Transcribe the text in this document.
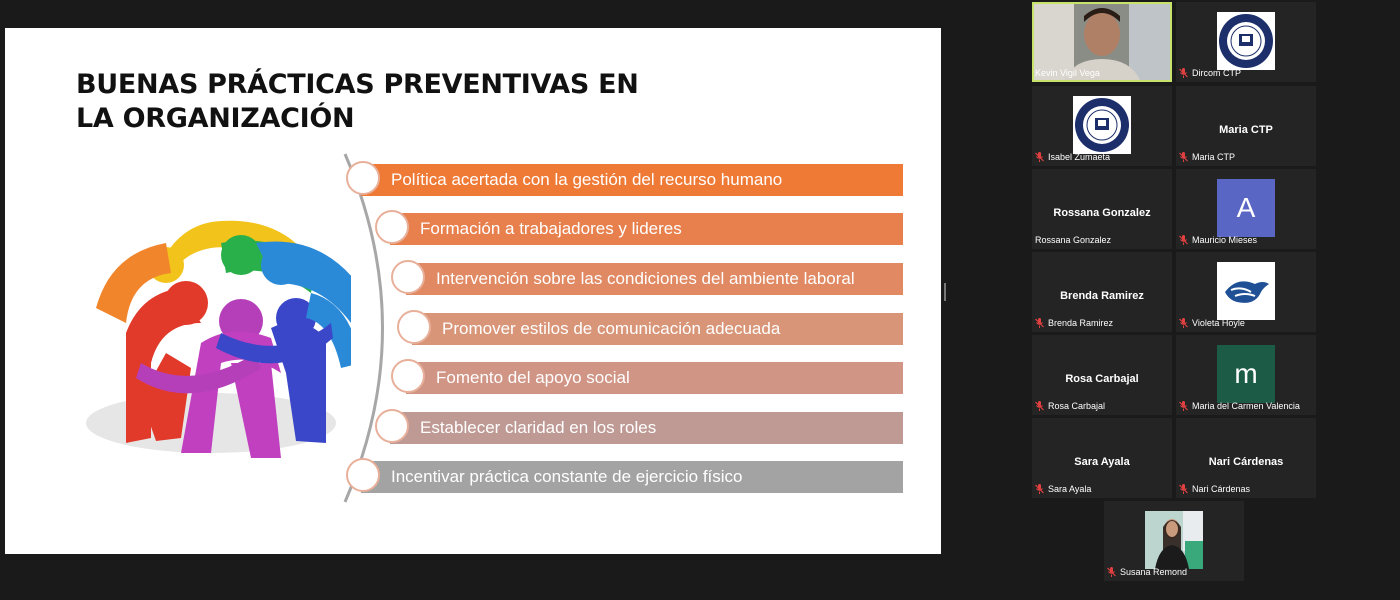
BUENAS PRÁCTICAS PREVENTIVAS EN LA ORGANIZACIÓN
Política acertada con la gestión del recurso humano
Formación a trabajadores y lideres
Intervención sobre las condiciones del ambiente laboral
Promover estilos de comunicación adecuada
Fomento del apoyo social
Establecer claridad en los roles
Incentivar práctica constante de ejercicio físico
Kevin Vigil Vega	Dircom CTP
Isabel Zumaeta
Maria CTP
Maria CTP
Rossana Gonzalez
Rossana Gonzalez
A
Mauricio Mieses
Brenda Ramirez
Brenda Ramirez	Violeta Hoyle
Rosa Carbajal
Rosa Carbajal
m
Maria del Carmen Valencia
Sara Ayala
Sara Ayala
Nari Cárdenas
Nari Cárdenas
Susana Remond
